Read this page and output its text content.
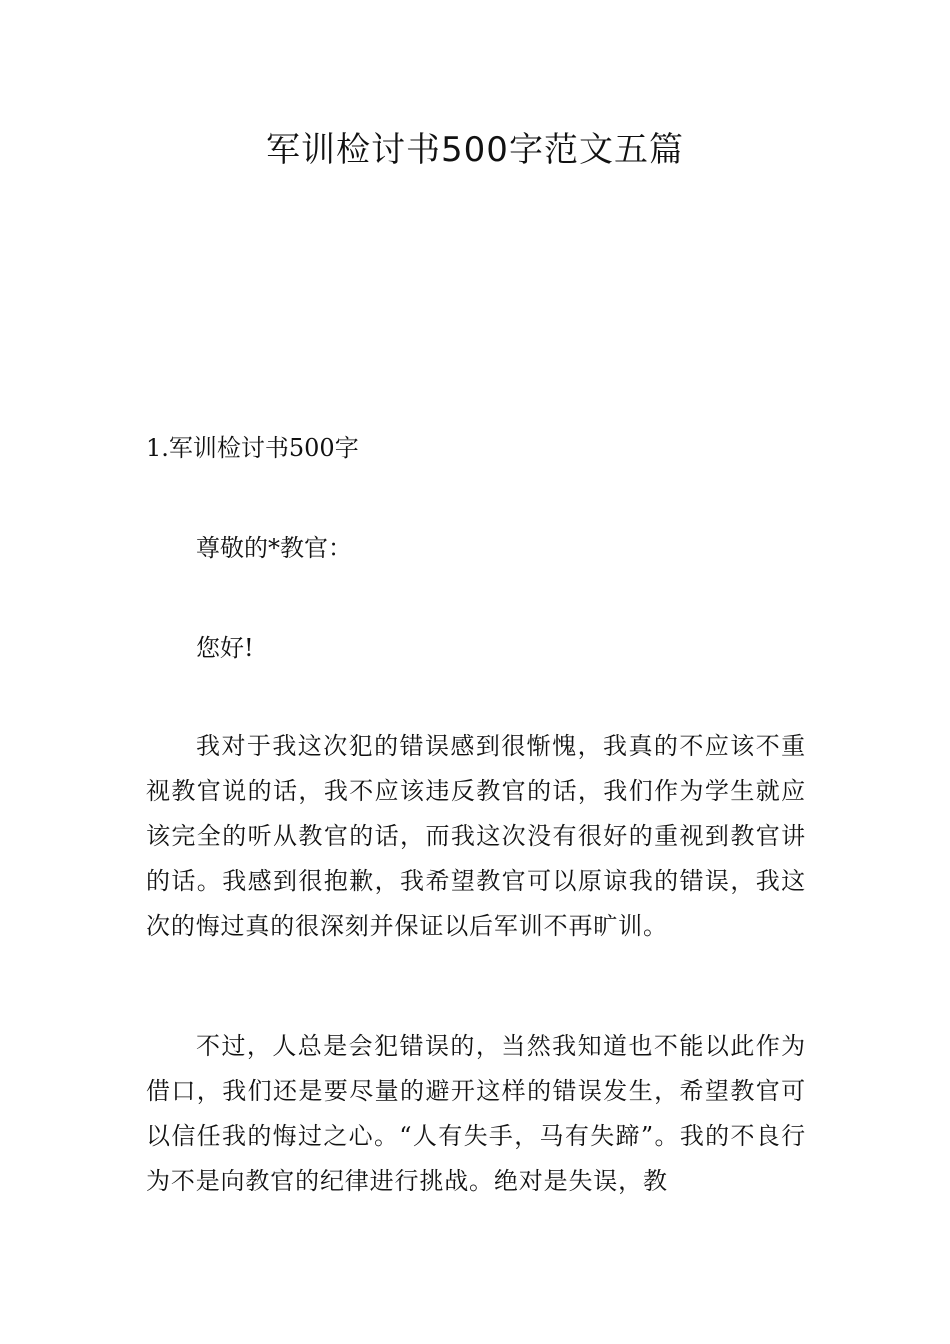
军训检讨书500字范文五篇
1.军训检讨书500字

尊敬的*教官：

您好!

我对于我这次犯的错误感到很惭愧，我真的不应该不重视教官说的话，我不应该违反教官的话，我们作为学生就应该完全的听从教官的话，而我这次没有很好的重视到教官讲的话。我感到很抱歉，我希望教官可以原谅我的错误，我这次的悔过真的很深刻并保证以后军训不再旷训。

不过，人总是会犯错误的，当然我知道也不能以此作为借口，我们还是要尽量的避开这样的错误发生，希望教官可以信任我的悔过之心。“人有失手，马有失蹄”。我的不良行为不是向教官的纪律进行挑战。绝对是失误，教
